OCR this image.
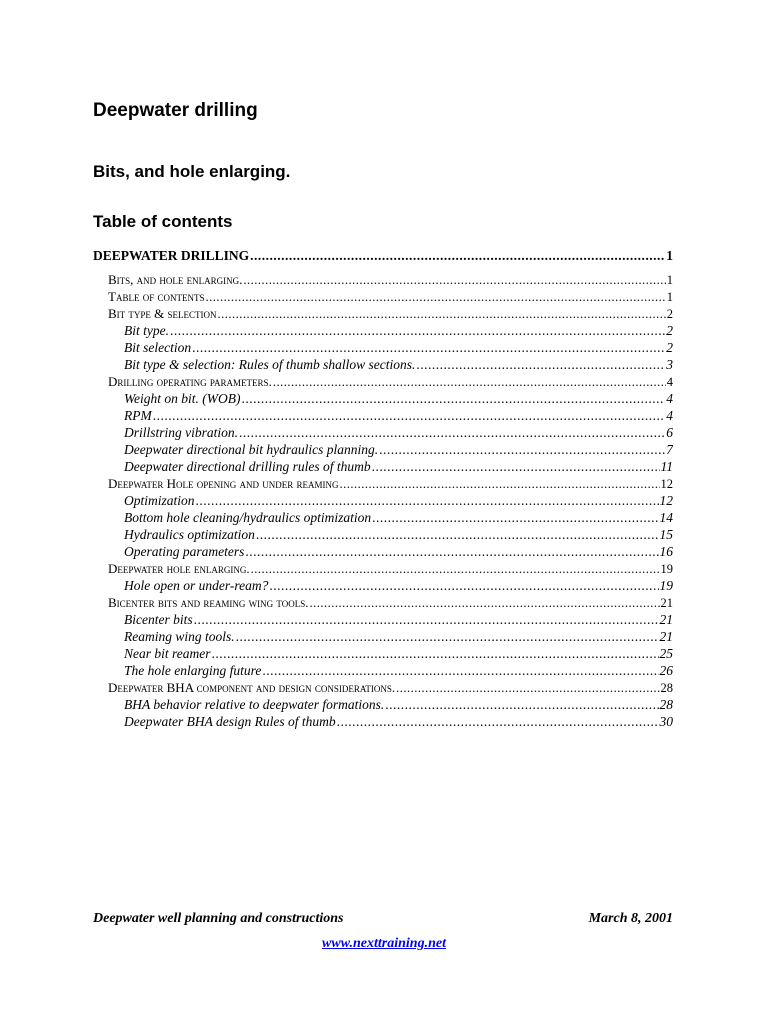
Deepwater drilling
Bits, and hole enlarging.
Table of contents
DEEPWATER DRILLING .....	1
Bits, and hole enlarging. .....	1
Table of contents .....	1
Bit type & selection .....	2
Bit type. .....	2
Bit selection .....	2
Bit type & selection: Rules of thumb shallow sections. .....	3
Drilling operating parameters. .....	4
Weight on bit. (WOB) .....	4
RPM .....	4
Drillstring vibration. .....	6
Deepwater directional bit hydraulics planning. .....	7
Deepwater directional drilling rules of thumb .....	11
Deepwater Hole opening and under reaming .....	12
Optimization .....	12
Bottom hole cleaning/hydraulics optimization .....	14
Hydraulics optimization .....	15
Operating parameters .....	16
Deepwater hole enlarging. .....	19
Hole open or under-ream? .....	19
Bicenter bits and reaming wing tools. .....	21
Bicenter bits .....	21
Reaming wing tools. .....	21
Near bit reamer .....	25
The hole enlarging future .....	26
Deepwater BHA component and design considerations. .....	28
BHA behavior relative to deepwater formations. .....	28
Deepwater BHA design Rules of thumb .....	30
Deepwater well planning and constructions	March 8, 2001
www.nexttraining.net
